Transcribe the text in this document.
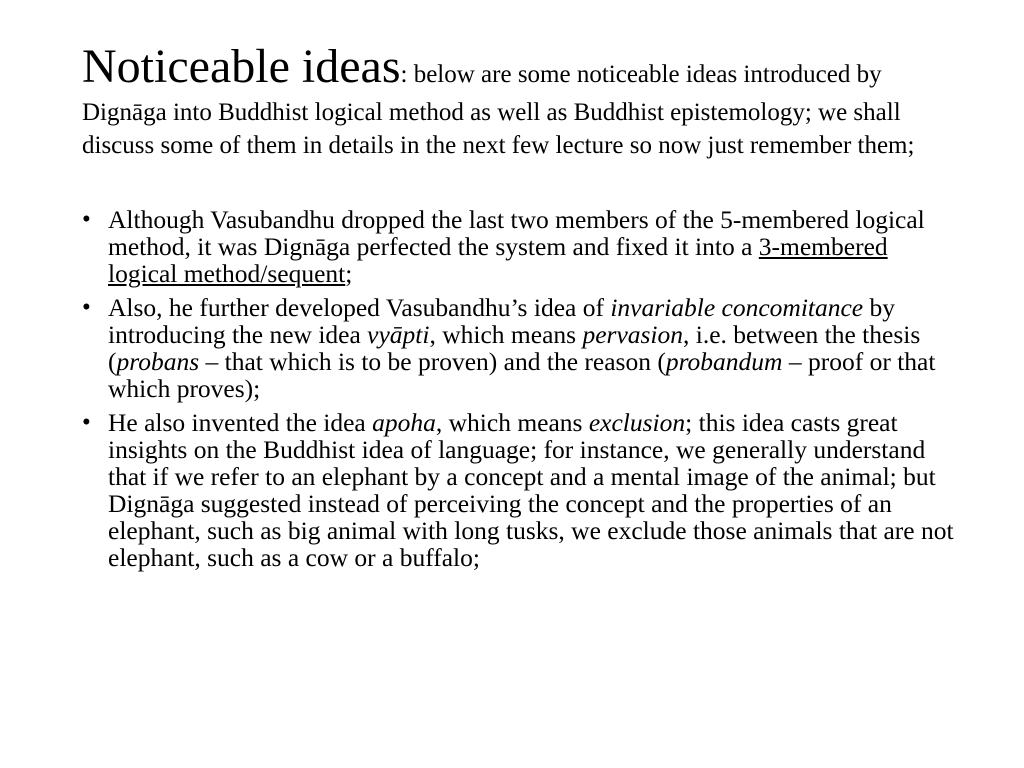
Noticeable ideas: below are some noticeable ideas introduced by Dignāga into Buddhist logical method as well as Buddhist epistemology; we shall discuss some of them in details in the next few lecture so now just remember them;
• Although Vasubandhu dropped the last two members of the 5-membered logical method, it was Dignāga perfected the system and fixed it into a 3-membered logical method/sequent;
• Also, he further developed Vasubandhu’s idea of invariable concomitance by introducing the new idea vyāpti, which means pervasion, i.e. between the thesis (probans – that which is to be proven) and the reason (probandum – proof or that which proves);
• He also invented the idea apoha, which means exclusion; this idea casts great insights on the Buddhist idea of language; for instance, we generally understand that if we refer to an elephant by a concept and a mental image of the animal; but Dignāga suggested instead of perceiving the concept and the properties of an elephant, such as big animal with long tusks, we exclude those animals that are not elephant, such as a cow or a buffalo;
